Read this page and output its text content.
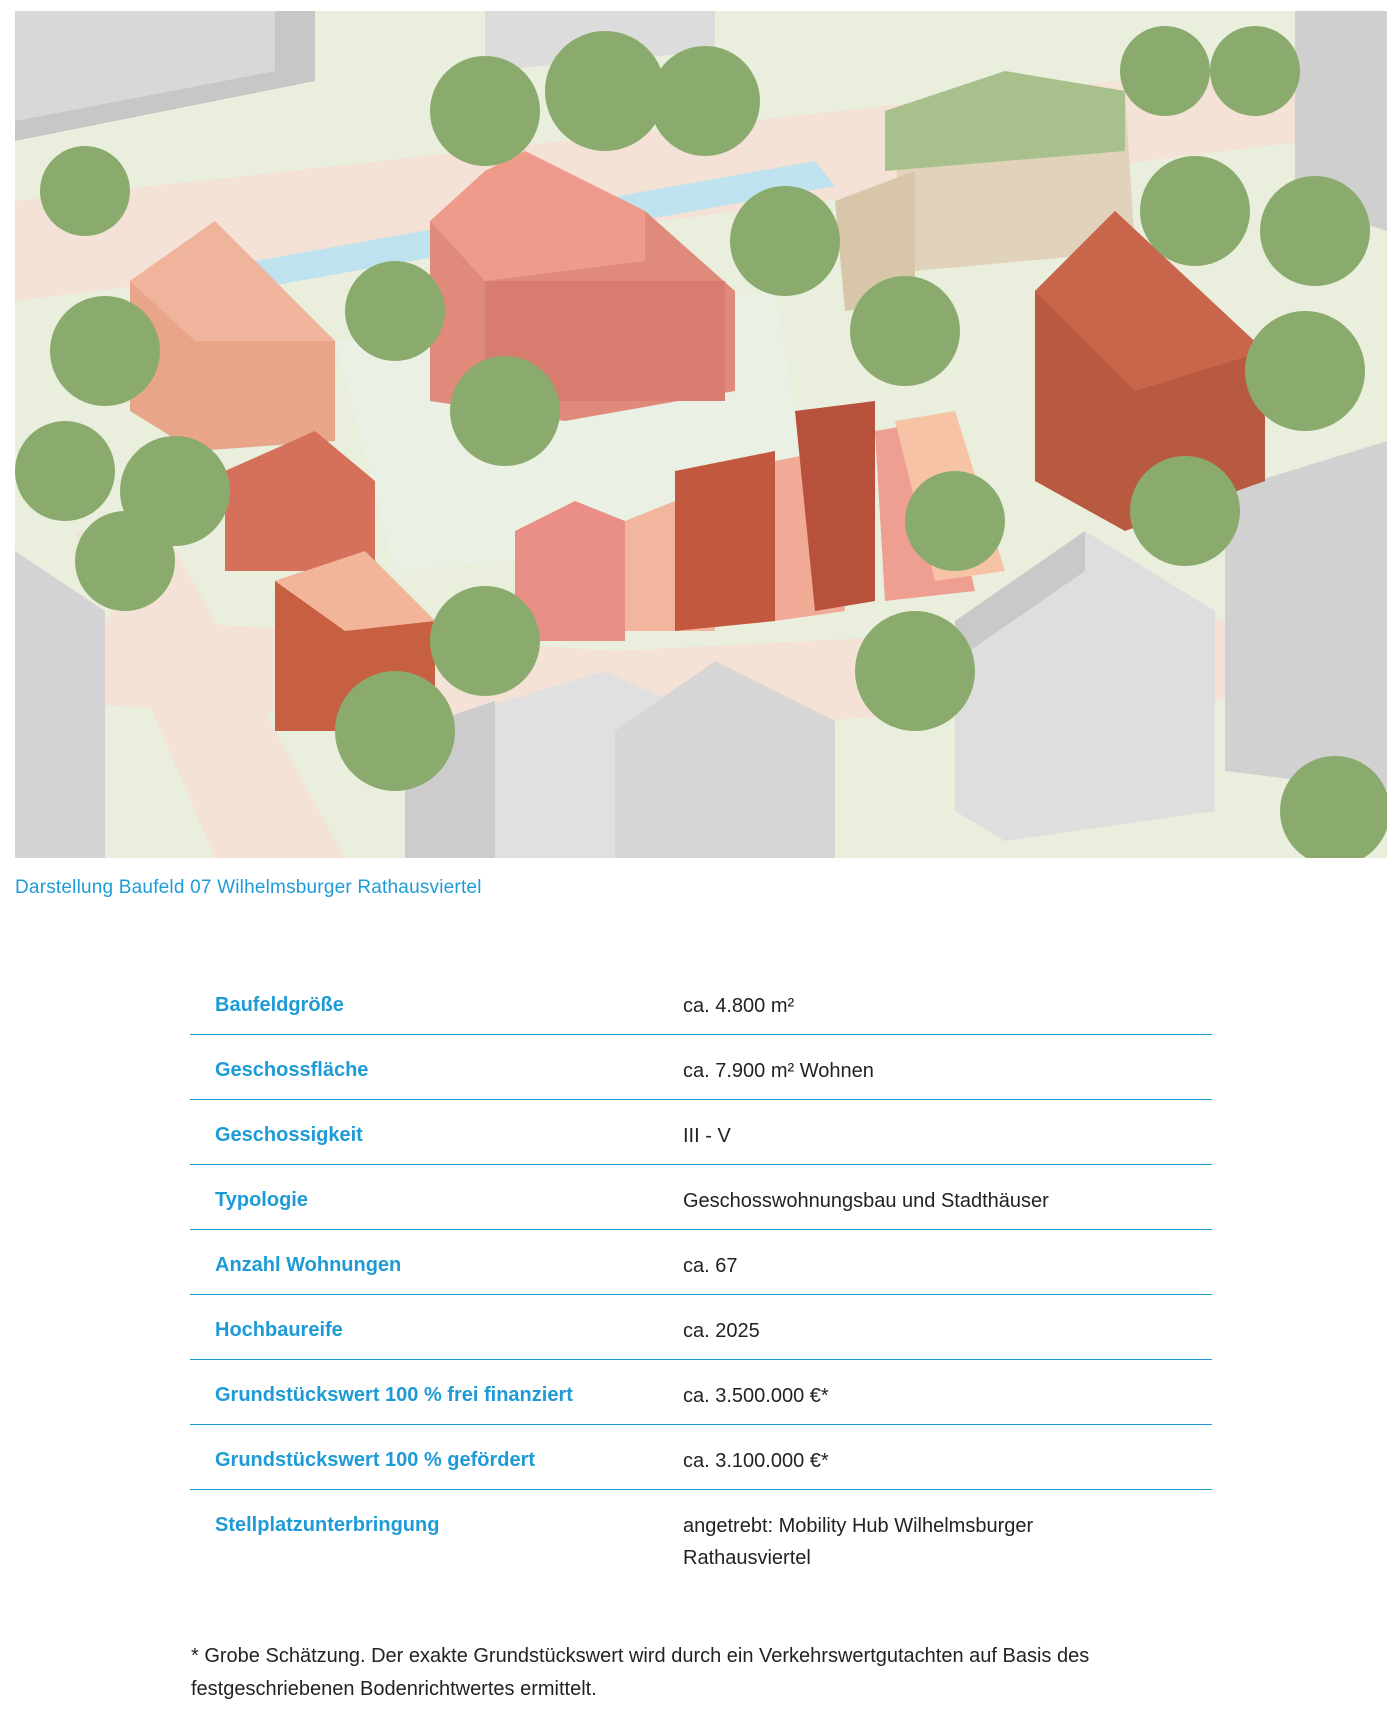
Darstellung Baufeld 07 Wilhelmsburger Rathausviertel
Baufeldgröße	ca. 4.800 m²
Geschossfläche	ca. 7.900 m² Wohnen
Geschossigkeit	III - V
Typologie	Geschosswohnungsbau und Stadthäuser
Anzahl Wohnungen	ca. 67
Hochbaureife	ca. 2025
Grundstückswert 100 % frei finanziert	ca. 3.500.000 €*
Grundstückswert 100 % gefördert	ca. 3.100.000 €*
Stellplatzunterbringung	angetrebt: Mobility Hub Wilhelmsburger Rathausviertel
* Grobe Schätzung. Der exakte Grundstückswert wird durch ein Verkehrswertgutachten auf Basis des festgeschriebenen Bodenrichtwertes ermittelt.
